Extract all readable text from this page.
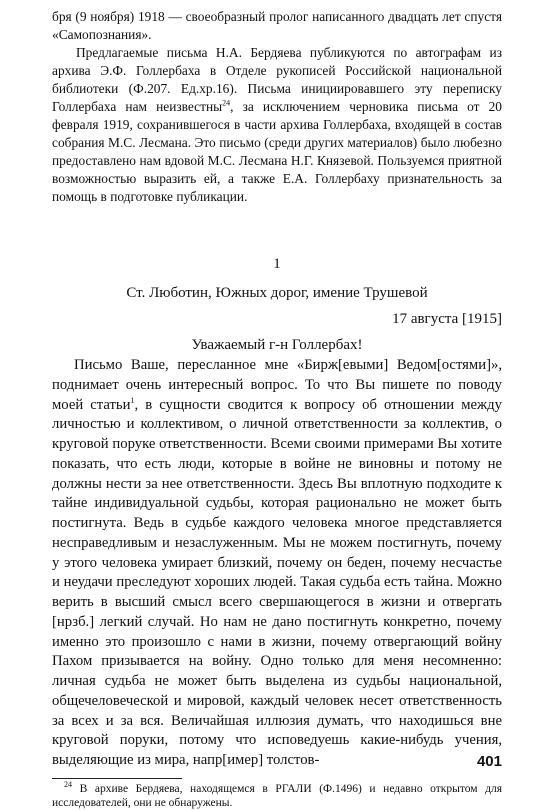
бря (9 ноября) 1918 — своеобразный пролог написанного двадцать лет спустя «Самопознания».

Предлагаемые письма Н.А. Бердяева публикуются по автографам из архива Э.Ф. Голлербаха в Отделе рукописей Российской национальной библиотеки (Ф.207. Ед.хр.16). Письма инициировавшего эту переписку Голлербаха нам неизвестны$^{24}$, за исключением черновика письма от 20 февраля 1919, сохранившегося в части архива Голлербаха, входящей в состав собрания М.С. Лесмана. Это письмо (среди других материалов) было любезно предоставлено нам вдовой М.С. Лесмана Н.Г. Князевой. Пользуемся приятной возможностью выразить ей, а также Е.А. Голлербаху признательность за помощь в подготовке публикации.

1
Ст. Люботин, Южных дорог, имение Трушевой
17 августа [1915]
Уважаемый г-н Голлербах!

Письмо Ваше, пересланное мне «Бирж[евыми] Ведом[остями]», поднимает очень интересный вопрос. То что Вы пишете по поводу моей статьи$^1$, в сущности сводится к вопросу об отношении между личностью и коллективом, о личной ответственности за коллектив, о круговой поруке ответственности. Всеми своими примерами Вы хотите показать, что есть люди, которые в войне не виновны и потому не должны нести за нее ответственности. Здесь Вы вплотную подходите к тайне индивидуальной судьбы, которая рационально не может быть постигнута. Ведь в судьбе каждого человека многое представляется несправедливым и незаслуженным. Мы не можем постигнуть, почему у этого человека умирает близкий, почему он беден, почему несчастье и неудачи преследуют хороших людей. Такая судьба есть тайна. Можно верить в высший смысл всего свершающегося в жизни и отвергать [нрзб.] легкий случай. Но нам не дано постигнуть конкретно, почему именно это произошло с нами в жизни, почему отвергающий войну Пахом призывается на войну. Одно только для меня несомненно: личная судьба не может быть выделена из судьбы национальной, общечеловеческой и мировой, каждый человек несет ответственность за всех и за вся. Величайшая иллюзия думать, что находишься вне круговой поруки, потому что исповедуешь какие-нибудь учения, выделяющие из мира, напр[имер] толстов-

$^{24}$ В архиве Бердяева, находящемся в РГАЛИ (Ф.1496) и недавно открытом для исследователей, они не обнаружены.
401
